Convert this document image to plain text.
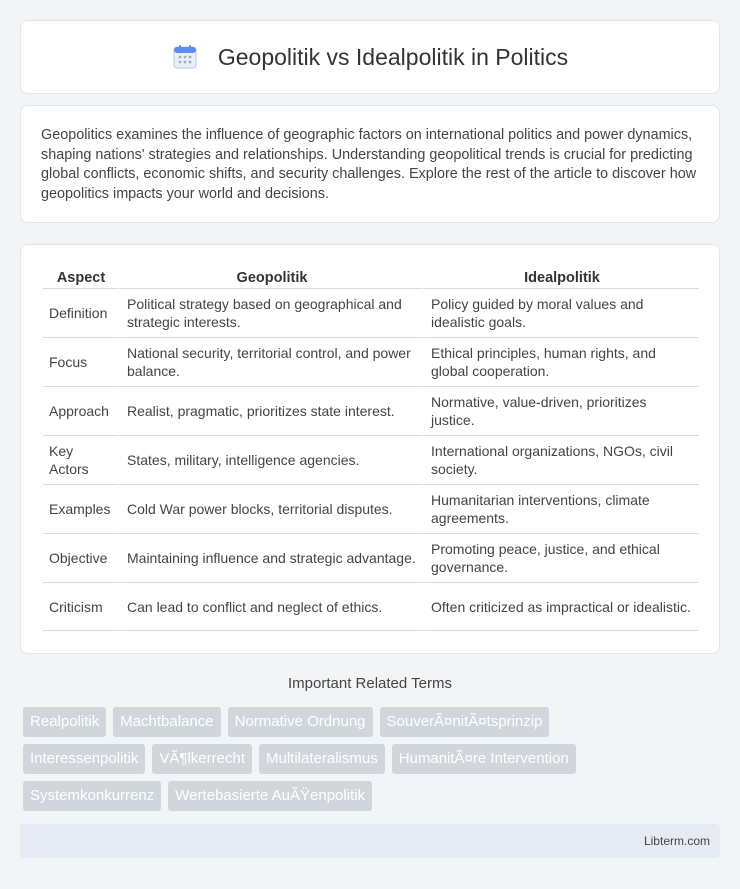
Geopolitik vs Idealpolitik in Politics

Geopolitics examines the influence of geographic factors on international politics and power dynamics, shaping nations' strategies and relationships. Understanding geopolitical trends is crucial for predicting global conflicts, economic shifts, and security challenges. Explore the rest of the article to discover how geopolitics impacts your world and decisions.

Aspect	Geopolitik	Idealpolitik
Definition	Political strategy based on geographical and strategic interests.	Policy guided by moral values and idealistic goals.
Focus	National security, territorial control, and power balance.	Ethical principles, human rights, and global cooperation.
Approach	Realist, pragmatic, prioritizes state interest.	Normative, value-driven, prioritizes justice.
Key Actors	States, military, intelligence agencies.	International organizations, NGOs, civil society.
Examples	Cold War power blocks, territorial disputes.	Humanitarian interventions, climate agreements.
Objective	Maintaining influence and strategic advantage.	Promoting peace, justice, and ethical governance.
Criticism	Can lead to conflict and neglect of ethics.	Often criticized as impractical or idealistic.
Important Related Terms
Realpolitik	Machtbalance	Normative Ordnung	SouverÃ¤nitÃ¤tsprinzip
Interessenpolitik	VÃ¶lkerrecht	Multilateralismus	HumanitÃ¤re Intervention
Systemkonkurrenz	Wertebasierte AuÃŸenpolitik
Libterm.com
